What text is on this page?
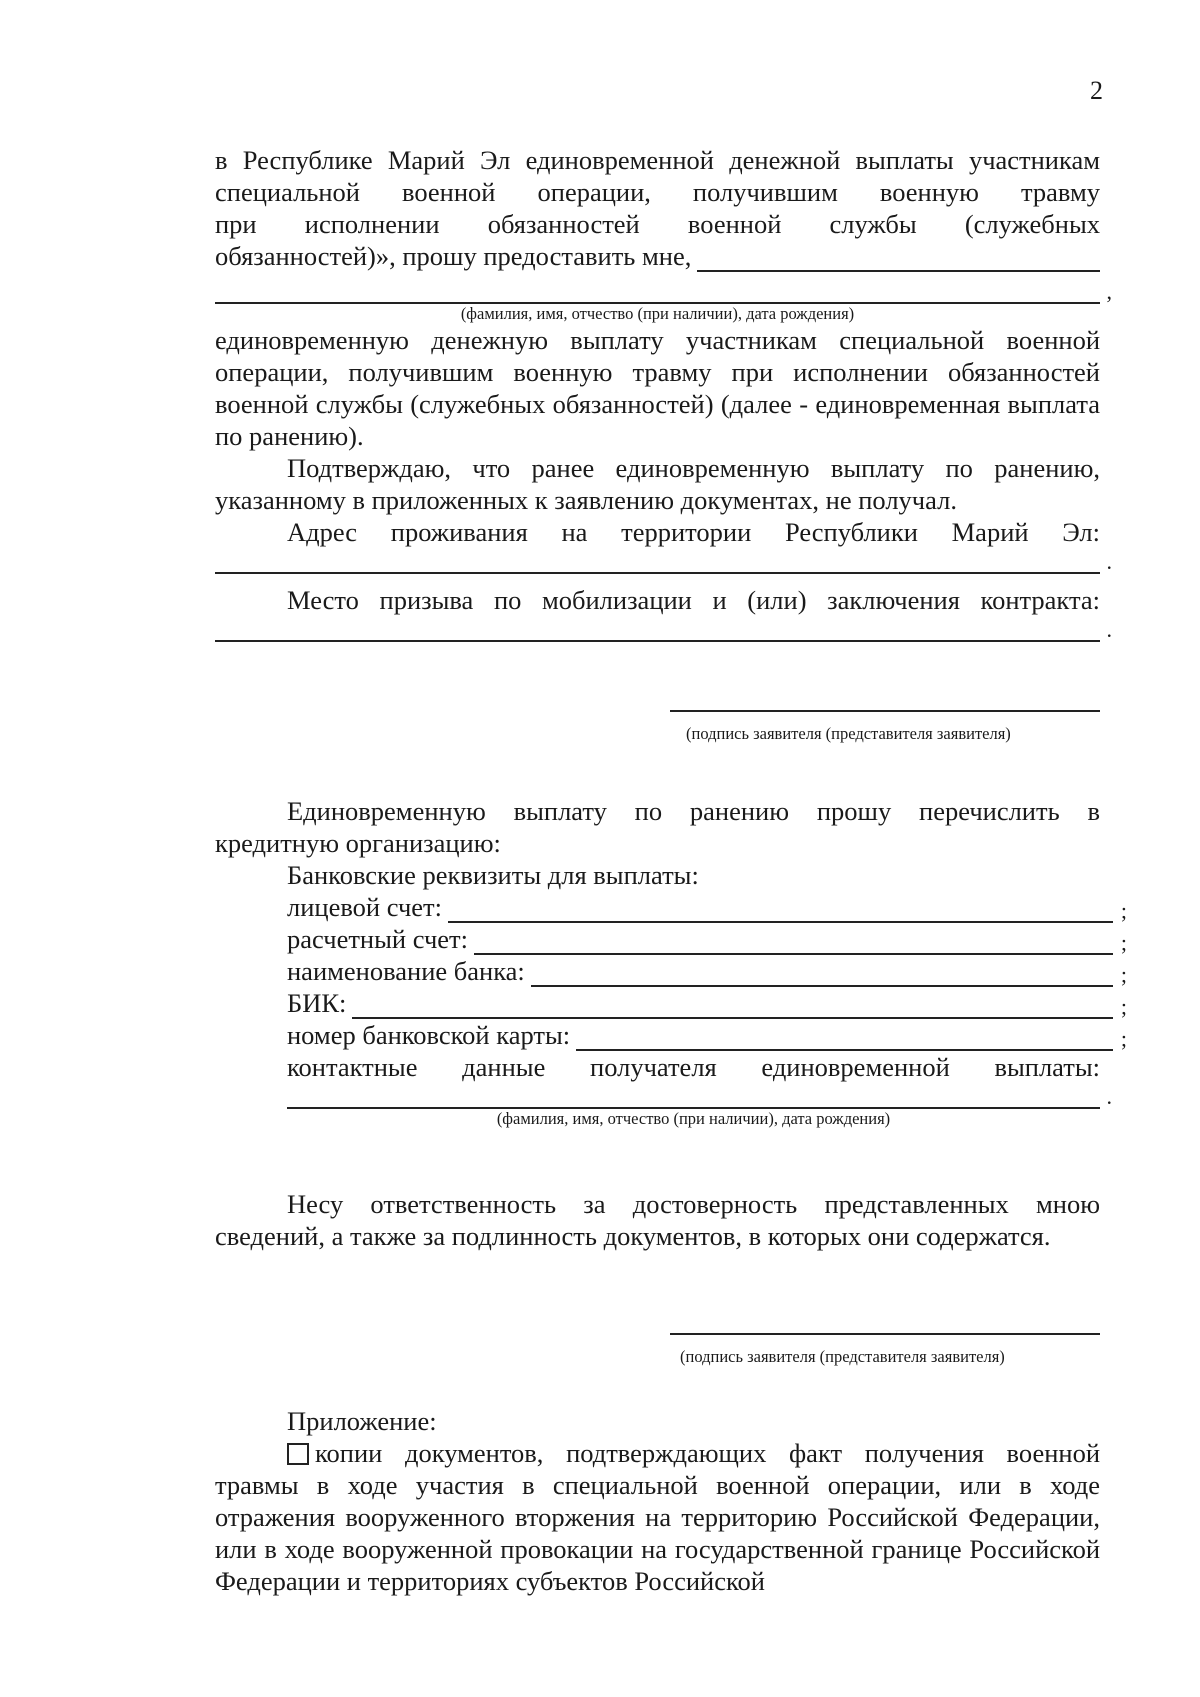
2

в Республике Марий Эл единовременной денежной выплаты участникам

специальной военной операции, получившим военную травму

при исполнении обязанностей военной службы (служебных

обязанностей)», прошу предоставить мне,
,
(фамилия, имя, отчество (при наличии), дата рождения)

единовременную денежную выплату участникам специальной военной операции, получившим военную травму при исполнении обязанностей военной службы (служебных обязанностей) (далее - единовременная выплата по ранению).

Подтверждаю, что ранее единовременную выплату по ранению, указанному в приложенных к заявлению документах, не получал.

Адрес проживания на территории Республики Марий Эл:

.

Место призыва по мобилизации и (или) заключения контракта:

.
(подпись заявителя (представителя заявителя)

Единовременную выплату по ранению прошу перечислить в кредитную организацию:

Банковские реквизиты для выплаты:

лицевой счет:	;
расчетный счет:	;
наименование банка:	;
БИК:	;
номер банковской карты:	;

контактные данные получателя единовременной выплаты:

.
(фамилия, имя, отчество (при наличии), дата рождения)

Несу ответственность за достоверность представленных мною сведений, а также за подлинность документов, в которых они содержатся.

(подпись заявителя (представителя заявителя)

Приложение:

копии документов, подтверждающих факт получения военной травмы в ходе участия в специальной военной операции, или в ходе отражения вооруженного вторжения на территорию Российской Федерации, или в ходе вооруженной провокации на государственной границе Российской Федерации и территориях субъектов Российской
